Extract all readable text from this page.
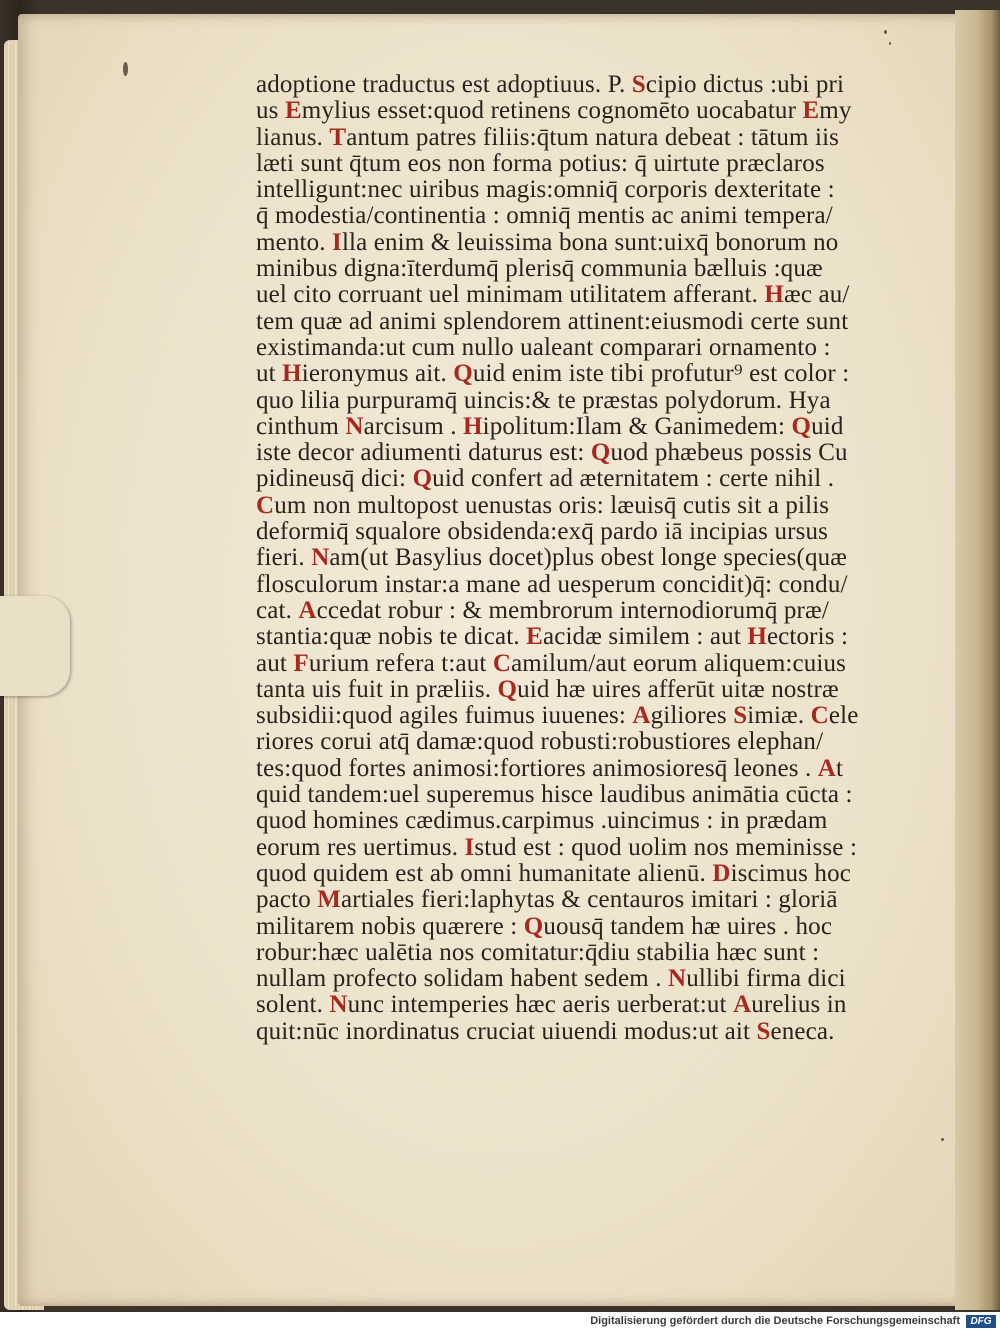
adoptione traductus est adoptiuus. P. Scipio dictus :ubi pri
us Emylius esset:quod retinens cognomēto uocabatur Emy
lianus. Tantum patres filiis:q̄tum natura debeat : tātum iis
læti sunt q̄tum eos non forma potius: q̄ uirtute præclaros
intelligunt:nec uiribus magis:omniq̄ corporis dexteritate :
q̄ modestia/continentia : omniq̄ mentis ac animi tempera/
mento. Illa enim & leuissima bona sunt:uixq̄ bonorum no
minibus digna:īterdumq̄ plerisq̄ communia bælluis :quæ
uel cito corruant uel minimam utilitatem afferant. Hæc au/
tem quæ ad animi splendorem attinent:eiusmodi certe sunt
existimanda:ut cum nullo ualeant comparari ornamento :
ut Hieronymus ait. Quid enim iste tibi profutur⁹ est color :
quo lilia purpuramq̄ uincis:& te præstas polydorum. Hya
cinthum Narcisum . Hipolitum:Ilam & Ganimedem: Quid
iste decor adiumenti daturus est: Quod phæbeus possis Cu
pidineusq̄ dici: Quid confert ad æternitatem : certe nihil .
Cum non multopost uenustas oris: læuisq̄ cutis sit a pilis
deformiq̄ squalore obsidenda:exq̄ pardo iā incipias ursus
fieri. Nam(ut Basylius docet)plus obest longe species(quæ
flosculorum instar:a mane ad uesperum concidit)q̄: condu/
cat. Accedat robur : & membrorum internodiorumq̄ præ/
stantia:quæ nobis te dicat. Eacidæ similem : aut Hectoris :
aut Furium refera t:aut Camilum/aut eorum aliquem:cuius
tanta uis fuit in præliis. Quid hæ uires afferūt uitæ nostræ
subsidii:quod agiles fuimus iuuenes: Agiliores Simiæ. Cele
riores corui atq̄ damæ:quod robusti:robustiores elephan/
tes:quod fortes animosi:fortiores animosioresq̄ leones . At
quid tandem:uel superemus hisce laudibus animātia cūcta :
quod homines cædimus.carpimus .uincimus : in prædam
eorum res uertimus. Istud est : quod uolim nos meminisse :
quod quidem est ab omni humanitate alienū. Discimus hoc
pacto Martiales fieri:laphytas & centauros imitari : gloriā
militarem nobis quærere : Quousq̄ tandem hæ uires . hoc
robur:hæc ualētia nos comitatur:q̄diu stabilia hæc sunt :
nullam profecto solidam habent sedem . Nullibi firma dici
solent. Nunc intemperies hæc aeris uerberat:ut Aurelius in
quit:nūc inordinatus cruciat uiuendi modus:ut ait Seneca.
Digitalisierung gefördert durch die Deutsche Forschungsgemeinschaft	DFG
